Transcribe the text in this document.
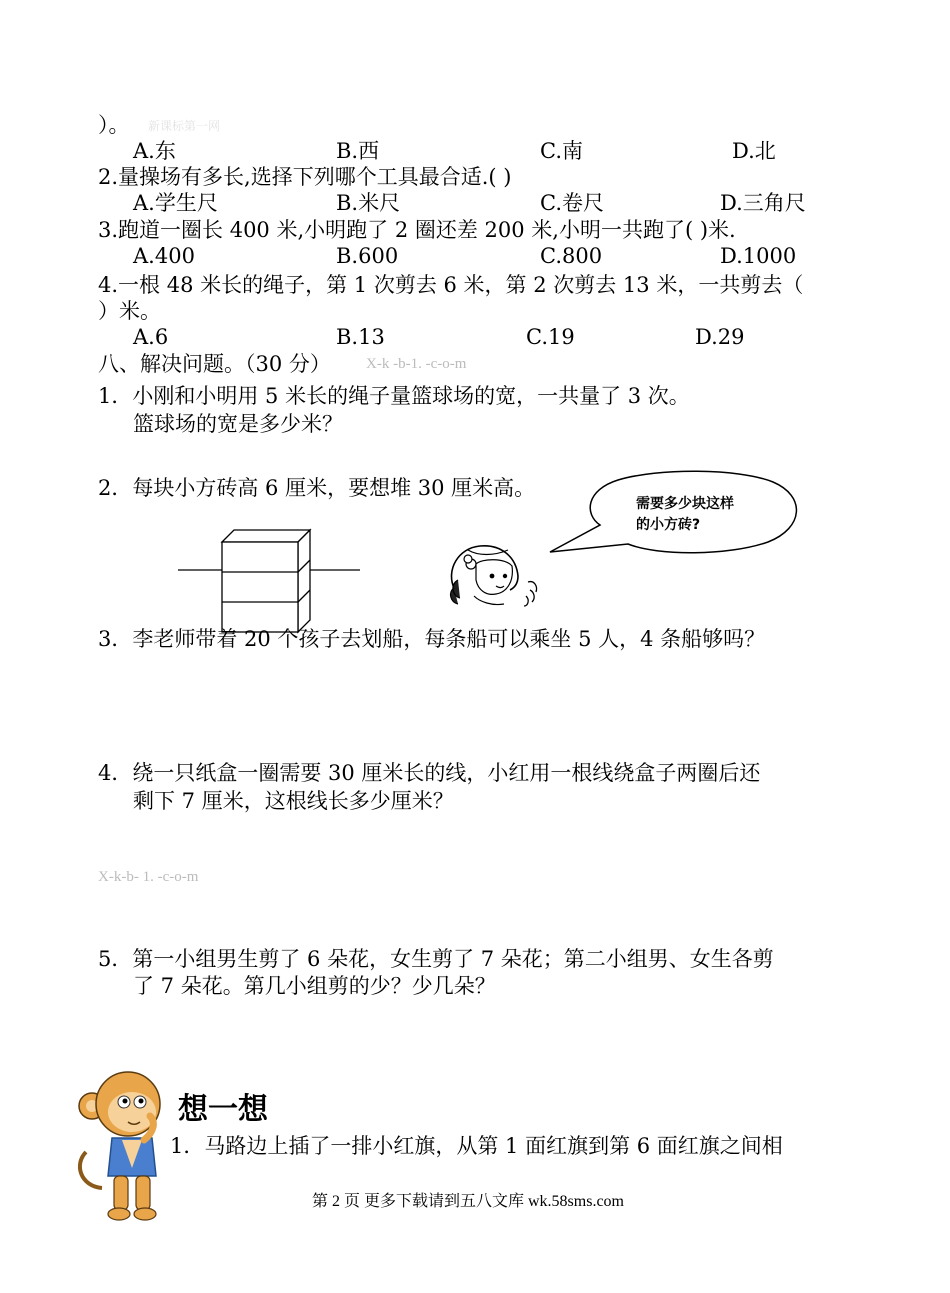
）。 新课标第一网
A.东	B.西	C.南	D.北
2.量操场有多长,选择下列哪个工具最合适.( )
A.学生尺	B.米尺	C.卷尺	D.三角尺
3.跑道一圈长 400 米,小明跑了 2 圈还差 200 米,小明一共跑了( )米.
A.400	B.600	C.800	D.1000
4.一根 48 米长的绳子，第 1 次剪去 6 米，第 2 次剪去 13 米，一共剪去（
）米。
A.6	B.13	C.19	D.29
八、解决问题。（30 分） X-k -b-1. -c-o-m
1．小刚和小明用 5 米长的绳子量篮球场的宽，一共量了 3 次。
篮球场的宽是多少米？
2．每块小方砖高 6 厘米，要想堆 30 厘米高。
需要多少块这样
的小方砖?
3．李老师带着 20 个孩子去划船，每条船可以乘坐 5 人，4 条船够吗？
4．绕一只纸盒一圈需要 30 厘米长的线，小红用一根线绕盒子两圈后还
剩下 7 厘米，这根线长多少厘米？
X-k-b- 1. -c-o-m
5．第一小组男生剪了 6 朵花，女生剪了 7 朵花；第二小组男、女生各剪
了 7 朵花。第几小组剪的少？少几朵？
想一想
1．马路边上插了一排小红旗，从第 1 面红旗到第 6 面红旗之间相
第 2 页 更多下载请到五八文库 wk.58sms.com
